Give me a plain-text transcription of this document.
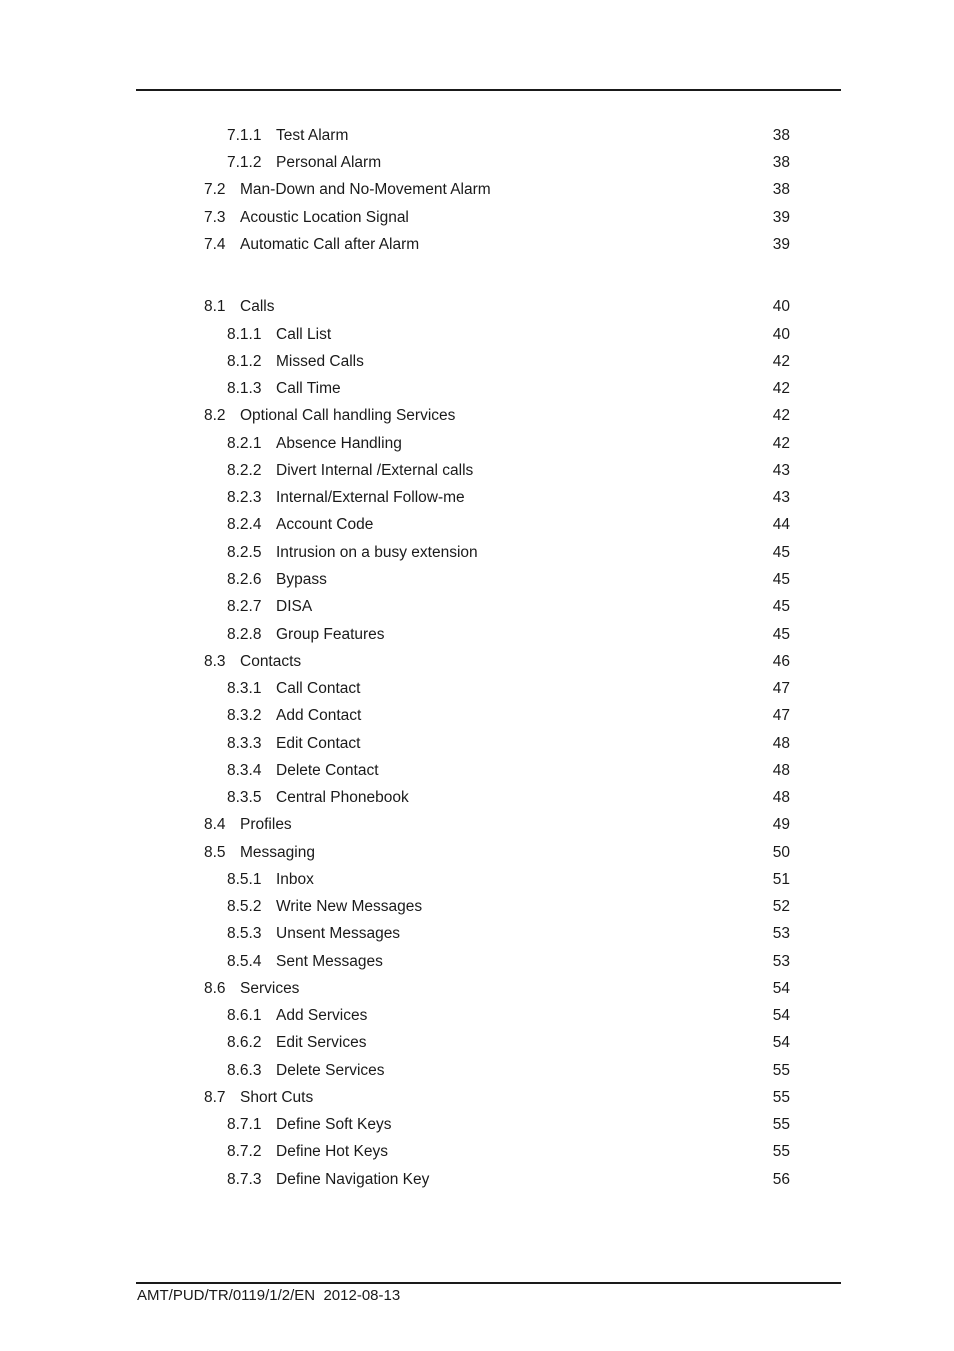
7.1.1 Test Alarm	38
7.1.2 Personal Alarm	38
7.2 Man-Down and No-Movement Alarm	38
7.3 Acoustic Location Signal	39
7.4 Automatic Call after Alarm	39
8.1 Calls	40
8.1.1 Call List	40
8.1.2 Missed Calls	42
8.1.3 Call Time	42
8.2 Optional Call handling Services	42
8.2.1 Absence Handling	42
8.2.2 Divert Internal /External calls	43
8.2.3 Internal/External Follow-me	43
8.2.4 Account Code	44
8.2.5 Intrusion on a busy extension	45
8.2.6 Bypass	45
8.2.7 DISA	45
8.2.8 Group Features	45
8.3 Contacts	46
8.3.1 Call Contact	47
8.3.2 Add Contact	47
8.3.3 Edit Contact	48
8.3.4 Delete Contact	48
8.3.5 Central Phonebook	48
8.4 Profiles	49
8.5 Messaging	50
8.5.1 Inbox	51
8.5.2 Write New Messages	52
8.5.3 Unsent Messages	53
8.5.4 Sent Messages	53
8.6 Services	54
8.6.1 Add Services	54
8.6.2 Edit Services	54
8.6.3 Delete Services	55
8.7 Short Cuts	55
8.7.1 Define Soft Keys	55
8.7.2 Define Hot Keys	55
8.7.3 Define Navigation Key	56
AMT/PUD/TR/0119/1/2/EN 2012-08-13
